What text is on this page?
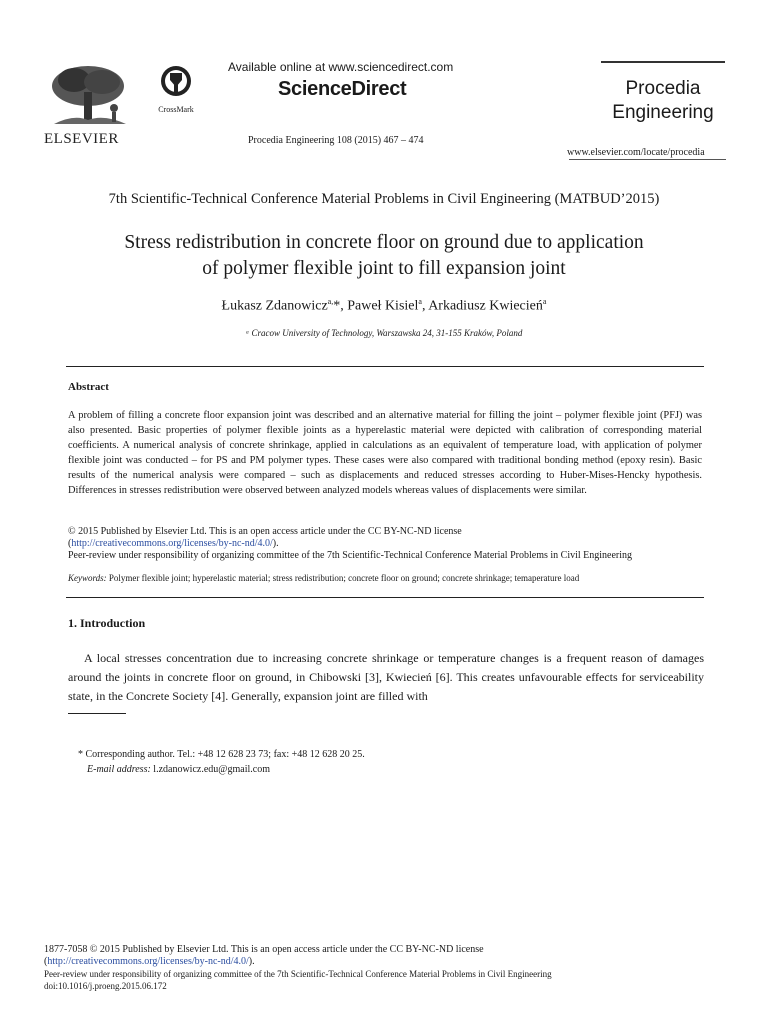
ELSEVIER
CrossMark
Available online at www.sciencedirect.com
ScienceDirect
Procedia Engineering 108 (2015) 467 – 474
Procedia
Engineering
www.elsevier.com/locate/procedia
7th Scientific-Technical Conference Material Problems in Civil Engineering (MATBUD’2015)
Stress redistribution in concrete floor on ground due to application
of polymer flexible joint to fill expansion joint
Łukasz Zdanowicz$^{a,}$*, Paweł Kisiel$^a$, Arkadiusz Kwiecień$^a$
ᵃ Cracow University of Technology, Warszawska 24, 31-155 Kraków, Poland
Abstract
A problem of filling a concrete floor expansion joint was described and an alternative material for filling the joint – polymer flexible joint (PFJ) was also presented. Basic properties of polymer flexible joints as a hyperelastic material were depicted with calibration of corresponding material coefficients. A numerical analysis of concrete shrinkage, applied in calculations as an equivalent of temperature load, with application of polymer flexible joint was conducted – for PS and PM polymer types. These cases were also compared with traditional bonding method (epoxy resin). Basic results of the numerical analysis were compared – such as displacements and reduced stresses according to Huber-Mises-Hencky hypothesis. Differences in stresses redistribution were observed between analyzed models whereas values of displacements were similar.
© 2015 Published by Elsevier Ltd. This is an open access article under the CC BY-NC-ND license
(http://creativecommons.org/licenses/by-nc-nd/4.0/).
Peer-review under responsibility of organizing committee of the 7th Scientific-Technical Conference Material Problems in Civil Engineering
Keywords: Polymer flexible joint; hyperelastic material; stress redistribution; concrete floor on ground; concrete shrinkage; temaperature load
1. Introduction
A local stresses concentration due to increasing concrete shrinkage or temperature changes is a frequent reason of damages around the joints in concrete floor on ground, in Chibowski [3], Kwiecień [6]. This creates unfavourable effects for serviceability state, in the Concrete Society [4]. Generally, expansion joint are filled with
* Corresponding author. Tel.: +48 12 628 23 73; fax: +48 12 628 20 25.
E-mail address: l.zdanowicz.edu@gmail.com
1877-7058 © 2015 Published by Elsevier Ltd. This is an open access article under the CC BY-NC-ND license
(http://creativecommons.org/licenses/by-nc-nd/4.0/).
Peer-review under responsibility of organizing committee of the 7th Scientific-Technical Conference Material Problems in Civil Engineering
doi:10.1016/j.proeng.2015.06.172
